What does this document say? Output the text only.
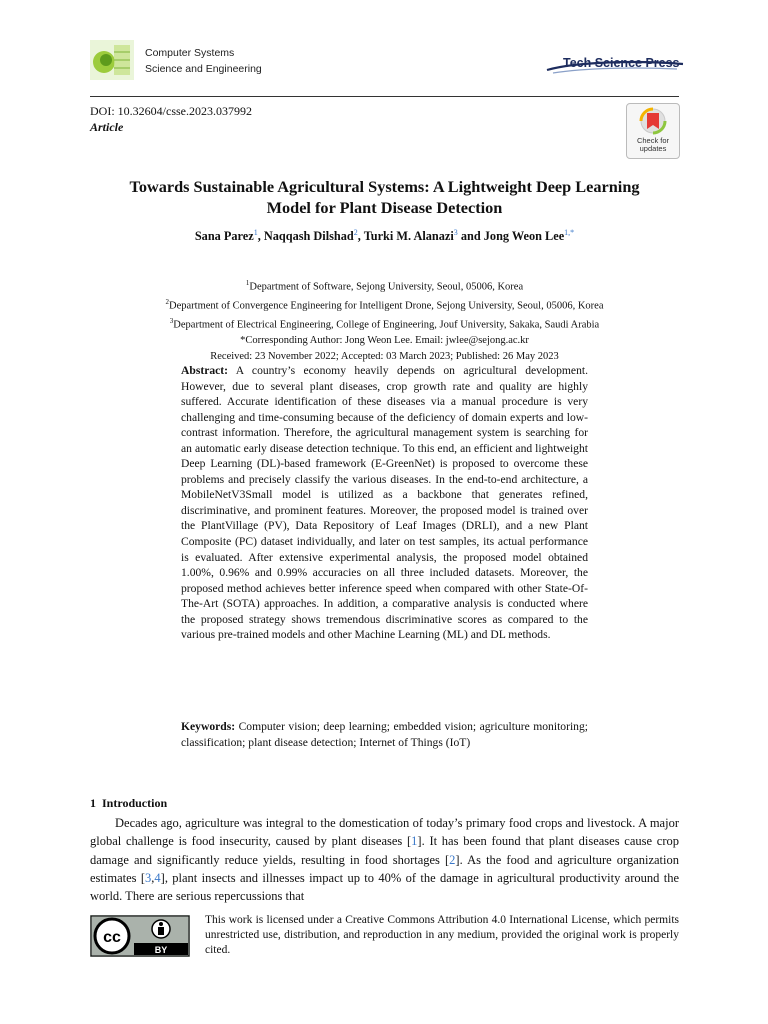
Computer Systems
Science and Engineering	Tech Science Press
DOI: 10.32604/csse.2023.037992
Article
Check for
updates
Towards Sustainable Agricultural Systems: A Lightweight Deep Learning
Model for Plant Disease Detection
Sana Parez$^1$, Naqqash Dilshad$^2$, Turki M. Alanazi$^3$ and Jong Weon Lee$^{1,*}$
$^1$Department of Software, Sejong University, Seoul, 05006, Korea
$^2$Department of Convergence Engineering for Intelligent Drone, Sejong University, Seoul, 05006, Korea
$^3$Department of Electrical Engineering, College of Engineering, Jouf University, Sakaka, Saudi Arabia
*Corresponding Author: Jong Weon Lee. Email: jwlee@sejong.ac.kr
Received: 23 November 2022; Accepted: 03 March 2023; Published: 26 May 2023
Abstract: A country’s economy heavily depends on agricultural development. However, due to several plant diseases, crop growth rate and quality are highly suffered. Accurate identification of these diseases via a manual procedure is very challenging and time-consuming because of the deficiency of domain experts and low-contrast information. Therefore, the agricultural management system is searching for an automatic early disease detection technique. To this end, an efficient and lightweight Deep Learning (DL)-based framework (E-GreenNet) is proposed to overcome these problems and precisely classify the various diseases. In the end-to-end architecture, a MobileNetV3Small model is utilized as a backbone that generates refined, discriminative, and prominent features. Moreover, the proposed model is trained over the PlantVillage (PV), Data Repository of Leaf Images (DRLI), and a new Plant Composite (PC) dataset individually, and later on test samples, its actual performance is evaluated. After extensive experimental analysis, the proposed model obtained 1.00%, 0.96% and 0.99% accuracies on all three included datasets. Moreover, the proposed method achieves better inference speed when compared with other State-Of-The-Art (SOTA) approaches. In addition, a comparative analysis is conducted where the proposed strategy shows tremendous discriminative scores as compared to the various pre-trained models and other Machine Learning (ML) and DL methods.
Keywords: Computer vision; deep learning; embedded vision; agriculture monitoring; classification; plant disease detection; Internet of Things (IoT)
1  Introduction
Decades ago, agriculture was integral to the domestication of today’s primary food crops and livestock. A major global challenge is food insecurity, caused by plant diseases [1]. It has been found that plant diseases cause crop damage and significantly reduce yields, resulting in food shortages [2]. As the food and agriculture organization estimates [3,4], plant insects and illnesses impact up to 40% of the damage in agricultural productivity around the world. There are serious repercussions that
cc
BY
This work is licensed under a Creative Commons Attribution 4.0 International License, which permits unrestricted use, distribution, and reproduction in any medium, provided the original work is properly cited.
